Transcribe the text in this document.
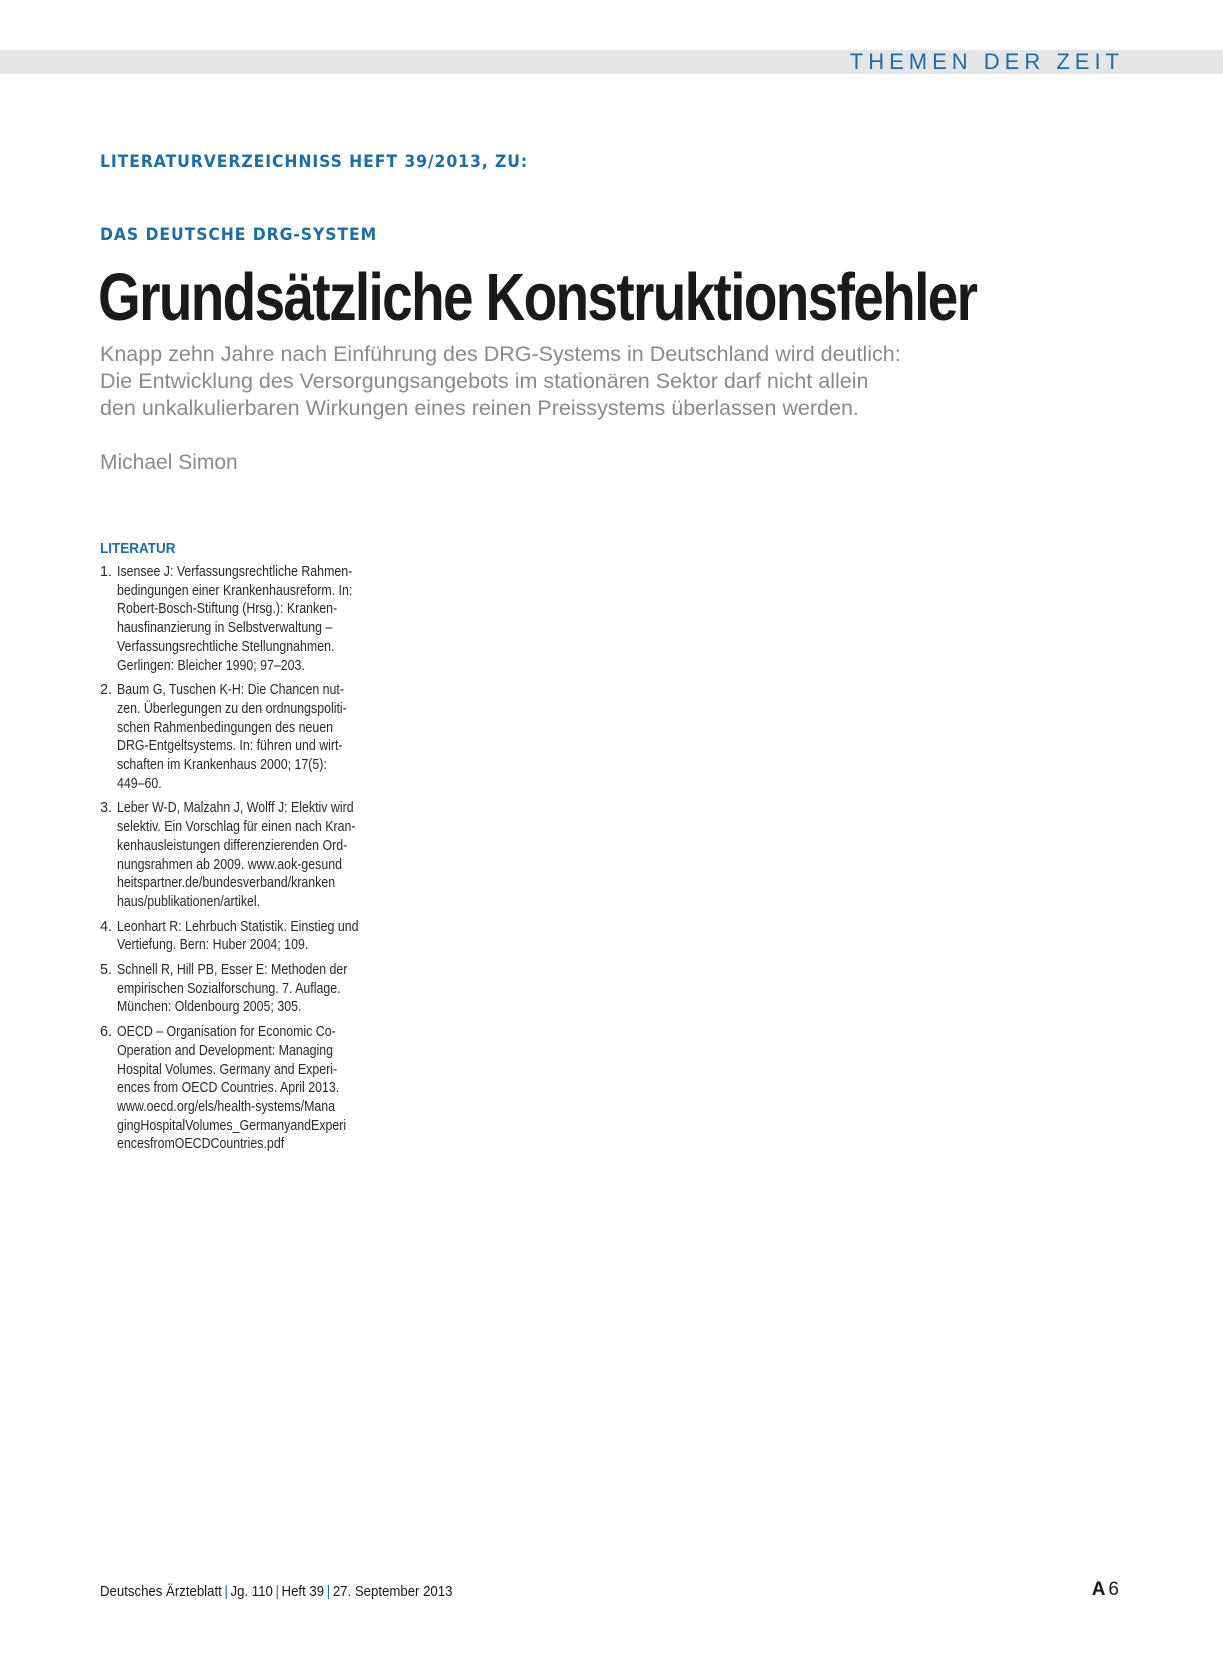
THEMEN DER ZEIT
LITERATURVERZEICHNISS HEFT 39/2013, ZU:
DAS DEUTSCHE DRG-SYSTEM
Grundsätzliche Konstruktionsfehler
Knapp zehn Jahre nach Einführung des DRG-Systems in Deutschland wird deutlich:
Die Entwicklung des Versorgungsangebots im stationären Sektor darf nicht allein
den unkalkulierbaren Wirkungen eines reinen Preissystems überlassen werden.
Michael Simon
LITERATUR
1. Isensee J: Verfassungsrechtliche Rahmen-
bedingungen einer Krankenhausreform. In:
Robert-Bosch-Stiftung (Hrsg.): Kranken-
hausfinanzierung in Selbstverwaltung –
Verfassungsrechtliche Stellungnahmen.
Gerlingen: Bleicher 1990; 97–203.
2. Baum G, Tuschen K-H: Die Chancen nut-
zen. Überlegungen zu den ordnungspoliti-
schen Rahmenbedingungen des neuen
DRG-Entgeltsystems. In: führen und wirt-
schaften im Krankenhaus 2000; 17(5):
449–60.
3. Leber W-D, Malzahn J, Wolff J: Elektiv wird
selektiv. Ein Vorschlag für einen nach Kran-
kenhausleistungen differenzierenden Ord-
nungsrahmen ab 2009. www.aok-gesund
heitspartner.de/bundesverband/kranken
haus/publikationen/artikel.
4. Leonhart R: Lehrbuch Statistik. Einstieg und
Vertiefung. Bern: Huber 2004; 109.
5. Schnell R, Hill PB, Esser E: Methoden der
empirischen Sozialforschung. 7. Auflage.
München: Oldenbourg 2005; 305.
6. OECD – Organisation for Economic Co-
Operation and Development: Managing
Hospital Volumes. Germany and Experi-
ences from OECD Countries. April 2013.
www.oecd.org/els/health-systems/Mana
gingHospitalVolumes_GermanyandExperi
encesfromOECDCountries.pdf
Deutsches Ärzteblatt | Jg. 110 | Heft 39 | 27. September 2013	A 6
